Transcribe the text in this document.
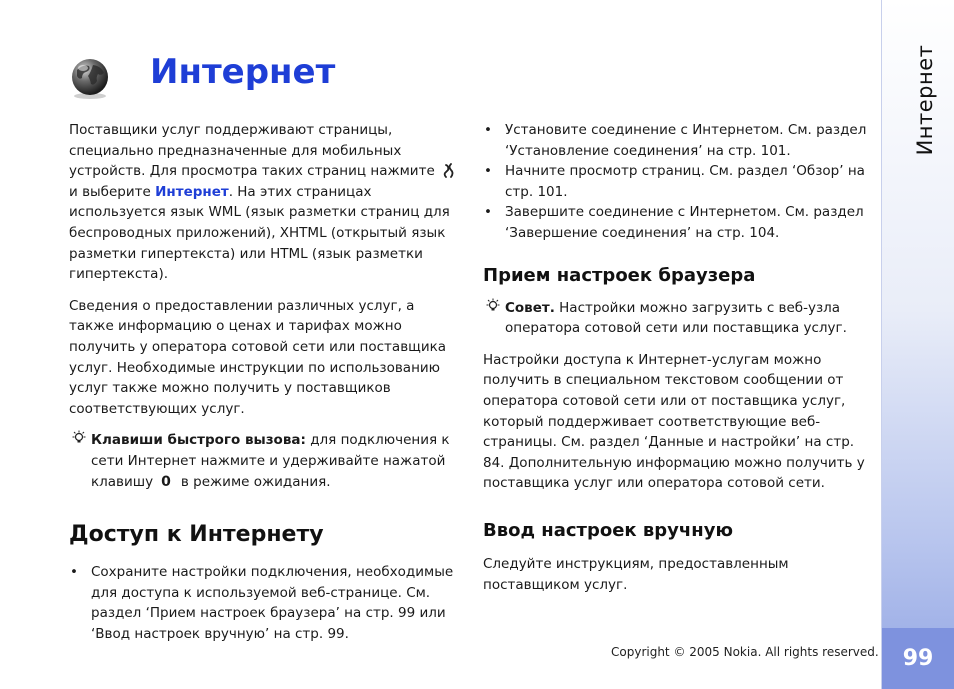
Интернет
99
Интернет

Поставщики услуг поддерживают страницы, специально предназначенные для мобильных устройств. Для просмотра таких страниц нажмитеи выберите Интернет. На этих страницах используется язык WML (язык разметки страниц для беспроводных приложений), XHTML (открытый язык разметки гипертекста) или HTML (язык разметки гипертекста).

Сведения о предоставлении различных услуг, а также информацию о ценах и тарифах можно получить у оператора сотовой сети или поставщика услуг. Необходимые инструкции по использованию услуг также можно получить у поставщиков соответствующих услуг.

Клавиши быстрого вызова: для подключения к сети Интернет нажмите и удерживайте нажатой клавишу 0 в режиме ожидания.
Доступ к Интернету
• Сохраните настройки подключения, необходимые для доступа к используемой веб-странице. См. раздел ‘Прием настроек браузера’ на стр. 99 или ‘Ввод настроек вручную’ на стр. 99.
• Установите соединение с Интернетом. См. раздел ‘Установление соединения’ на стр. 101.
• Начните просмотр страниц. См. раздел ‘Обзор’ на стр. 101.
• Завершите соединение с Интернетом. См. раздел ‘Завершение соединения’ на стр. 104.
Прием настроек браузера
Совет. Настройки можно загрузить с веб-узла оператора сотовой сети или поставщика услуг.

Настройки доступа к Интернет-услугам можно получить в специальном текстовом сообщении от оператора сотовой сети или от поставщика услуг, который поддерживает соответствующие веб-страницы. См. раздел ‘Данные и настройки’ на стр. 84. Дополнительную информацию можно получить у поставщика услуг или оператора сотовой сети.

Ввод настроек вручную

Следуйте инструкциям, предоставленным поставщиком услуг.

Copyright © 2005 Nokia. All rights reserved.
